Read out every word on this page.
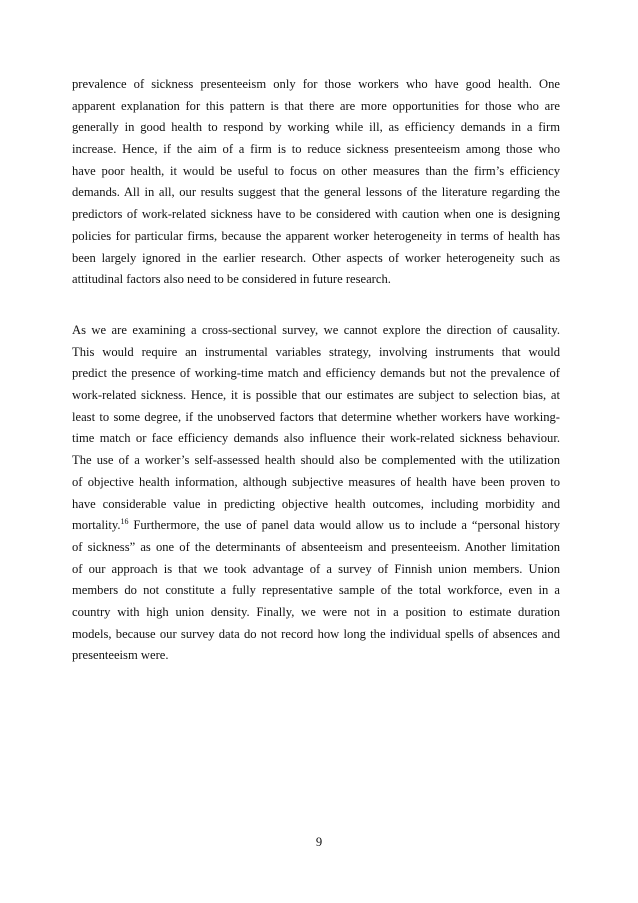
prevalence of sickness presenteeism only for those workers who have good health. One
apparent explanation for this pattern is that there are more opportunities for those who are
generally in good health to respond by working while ill, as efficiency demands in a firm
increase. Hence, if the aim of a firm is to reduce sickness presenteeism among those who
have poor health, it would be useful to focus on other measures than the firm’s efficiency
demands. All in all, our results suggest that the general lessons of the literature regarding the
predictors of work-related sickness have to be considered with caution when one is designing
policies for particular firms, because the apparent worker heterogeneity in terms of health has
been largely ignored in the earlier research. Other aspects of worker heterogeneity such as
attitudinal factors also need to be considered in future research.
As we are examining a cross-sectional survey, we cannot explore the direction of causality.
This would require an instrumental variables strategy, involving instruments that would
predict the presence of working-time match and efficiency demands but not the prevalence of
work-related sickness. Hence, it is possible that our estimates are subject to selection bias, at
least to some degree, if the unobserved factors that determine whether workers have working-
time match or face efficiency demands also influence their work-related sickness behaviour.
The use of a worker’s self-assessed health should also be complemented with the utilization
of objective health information, although subjective measures of health have been proven to
have considerable value in predicting objective health outcomes, including morbidity and
mortality.$^{16}$ Furthermore, the use of panel data would allow us to include a “personal history
of sickness” as one of the determinants of absenteeism and presenteeism. Another limitation
of our approach is that we took advantage of a survey of Finnish union members. Union
members do not constitute a fully representative sample of the total workforce, even in a
country with high union density. Finally, we were not in a position to estimate duration
models, because our survey data do not record how long the individual spells of absences and
presenteeism were.
9
